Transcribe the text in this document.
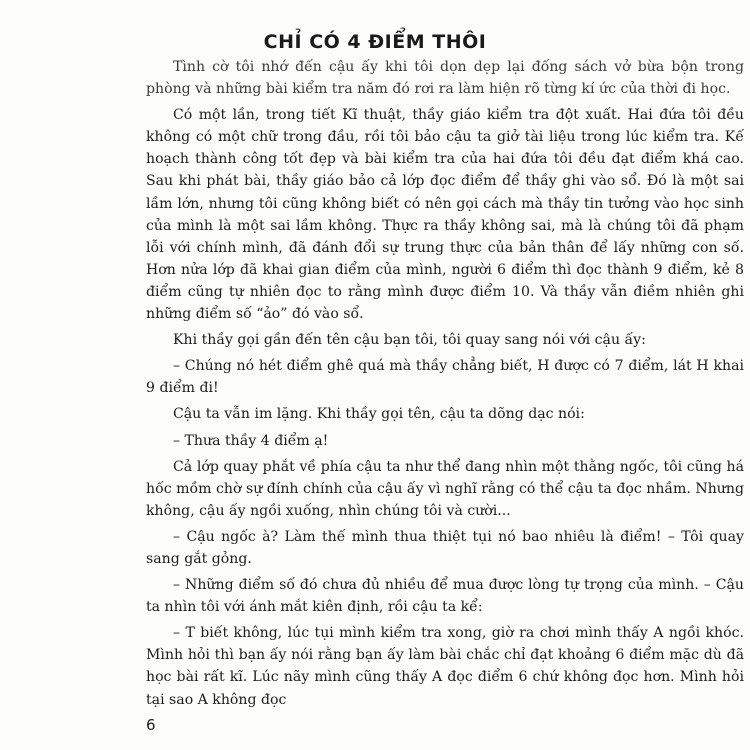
CHỈ CÓ 4 ĐIỂM THÔI

Tình cờ tôi nhớ đến cậu ấy khi tôi dọn dẹp lại đống sách vở bừa bộn trong phòng và những bài kiểm tra năm đó rơi ra làm hiện rõ từng kí ức của thời đi học.

Có một lần, trong tiết Kĩ thuật, thầy giáo kiểm tra đột xuất. Hai đứa tôi đều không có một chữ trong đầu, rồi tôi bảo cậu ta giở tài liệu trong lúc kiểm tra. Kế hoạch thành công tốt đẹp và bài kiểm tra của hai đứa tôi đều đạt điểm khá cao. Sau khi phát bài, thầy giáo bảo cả lớp đọc điểm để thầy ghi vào sổ. Đó là một sai lầm lớn, nhưng tôi cũng không biết có nên gọi cách mà thầy tin tưởng vào học sinh của mình là một sai lầm không. Thực ra thầy không sai, mà là chúng tôi đã phạm lỗi với chính mình, đã đánh đổi sự trung thực của bản thân để lấy những con số. Hơn nửa lớp đã khai gian điểm của mình, người 6 điểm thì đọc thành 9 điểm, kẻ 8 điểm cũng tự nhiên đọc to rằng mình được điểm 10. Và thầy vẫn điềm nhiên ghi những điểm số “ảo” đó vào sổ.

Khi thầy gọi gần đến tên cậu bạn tôi, tôi quay sang nói với cậu ấy:

– Chúng nó hét điểm ghê quá mà thầy chẳng biết, H được có 7 điểm, lát H khai 9 điểm đi!

Cậu ta vẫn im lặng. Khi thầy gọi tên, cậu ta dõng dạc nói:

– Thưa thầy 4 điểm ạ!

Cả lớp quay phắt về phía cậu ta như thể đang nhìn một thằng ngốc, tôi cũng há hốc mồm chờ sự đính chính của cậu ấy vì nghĩ rằng có thể cậu ta đọc nhầm. Nhưng không, cậu ấy ngồi xuống, nhìn chúng tôi và cười...

– Cậu ngốc à? Làm thế mình thua thiệt tụi nó bao nhiêu là điểm! – Tôi quay sang gắt gỏng.

– Những điểm số đó chưa đủ nhiều để mua được lòng tự trọng của mình. – Cậu ta nhìn tôi với ánh mắt kiên định, rồi cậu ta kể:

– T biết không, lúc tụi mình kiểm tra xong, giờ ra chơi mình thấy A ngồi khóc. Mình hỏi thì bạn ấy nói rằng bạn ấy làm bài chắc chỉ đạt khoảng 6 điểm mặc dù đã học bài rất kĩ. Lúc nãy mình cũng thấy A đọc điểm 6 chứ không đọc hơn. Mình hỏi tại sao A không đọc

6
